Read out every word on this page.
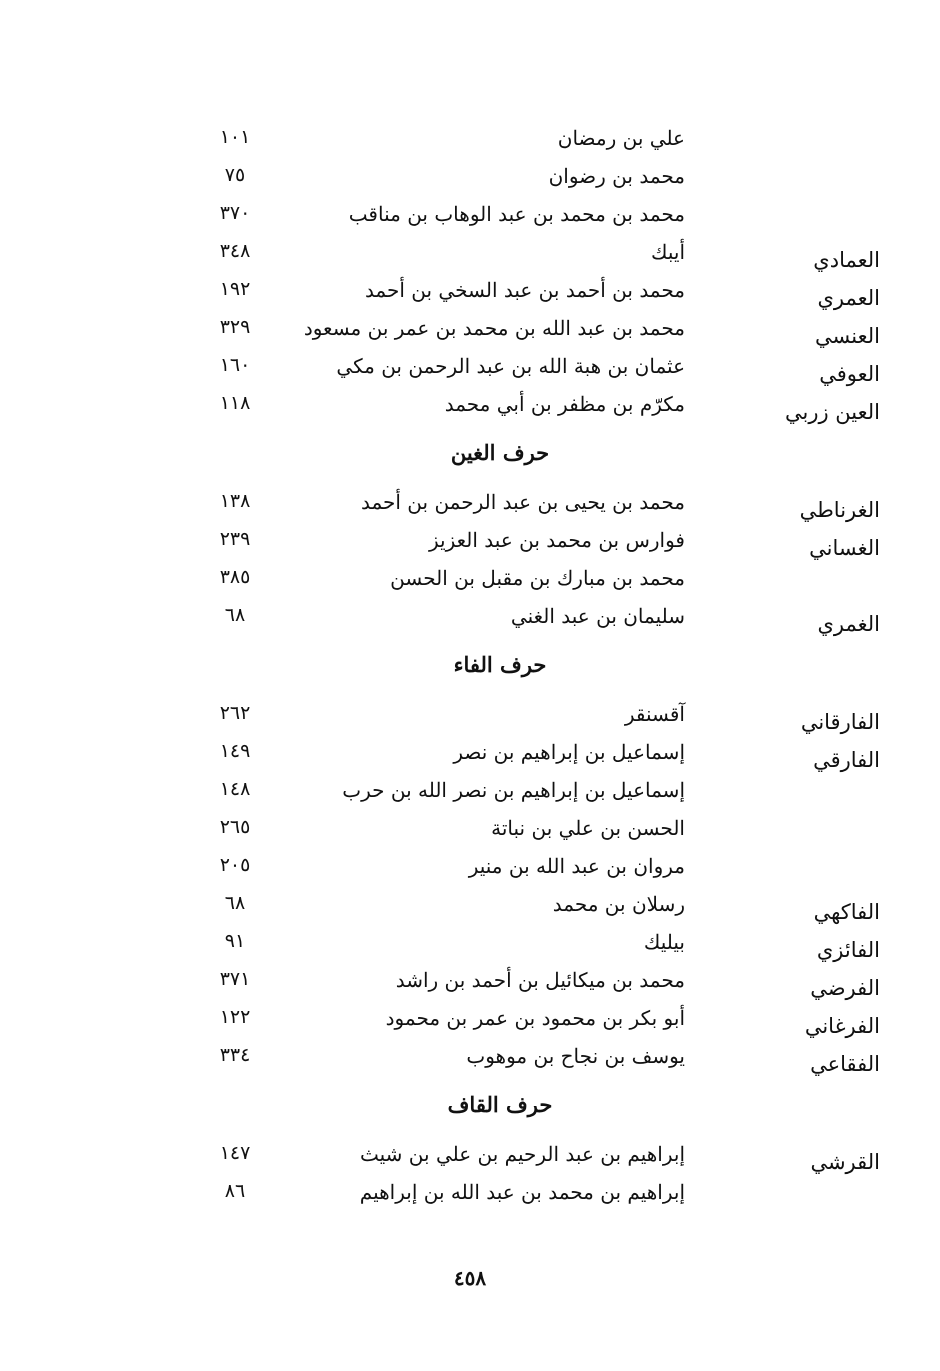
علي بن رمضان
١٠١
محمد بن رضوان
٧٥
محمد بن محمد بن عبد الوهاب بن مناقب
٣٧٠
العمادي
أيبك
٣٤٨
العمري
محمد بن أحمد بن عبد السخي بن أحمد
١٩٢
العنسي
محمد بن عبد الله بن محمد بن عمر بن مسعود
٣٢٩
العوفي
عثمان بن هبة الله بن عبد الرحمن بن مكي
١٦٠
العين زربي
مكرّم بن مظفر بن أبي محمد
١١٨
حرف الغين
الغرناطي
محمد بن يحيى بن عبد الرحمن بن أحمد
١٣٨
الغساني
فوارس بن محمد بن عبد العزيز
٢٣٩
محمد بن مبارك بن مقبل بن الحسن
٣٨٥
الغمري
سليمان بن عبد الغني
٦٨
حرف الفاء
الفارقاني
آقسنقر
٢٦٢
الفارقي
إسماعيل بن إبراهيم بن نصر
١٤٩
إسماعيل بن إبراهيم بن نصر الله بن حرب
١٤٨
الحسن بن علي بن نباتة
٢٦٥
مروان بن عبد الله بن منير
٢٠٥
الفاكهي
رسلان بن محمد
٦٨
الفائزي
بيليك
٩١
الفرضي
محمد بن ميكائيل بن أحمد بن راشد
٣٧١
الفرغاني
أبو بكر بن محمود بن عمر بن محمود
١٢٢
الفقاعي
يوسف بن نجاح بن موهوب
٣٣٤
حرف القاف
القرشي
إبراهيم بن عبد الرحيم بن علي بن شيث
١٤٧
إبراهيم بن محمد بن عبد الله بن إبراهيم
٨٦
٤٥٨
